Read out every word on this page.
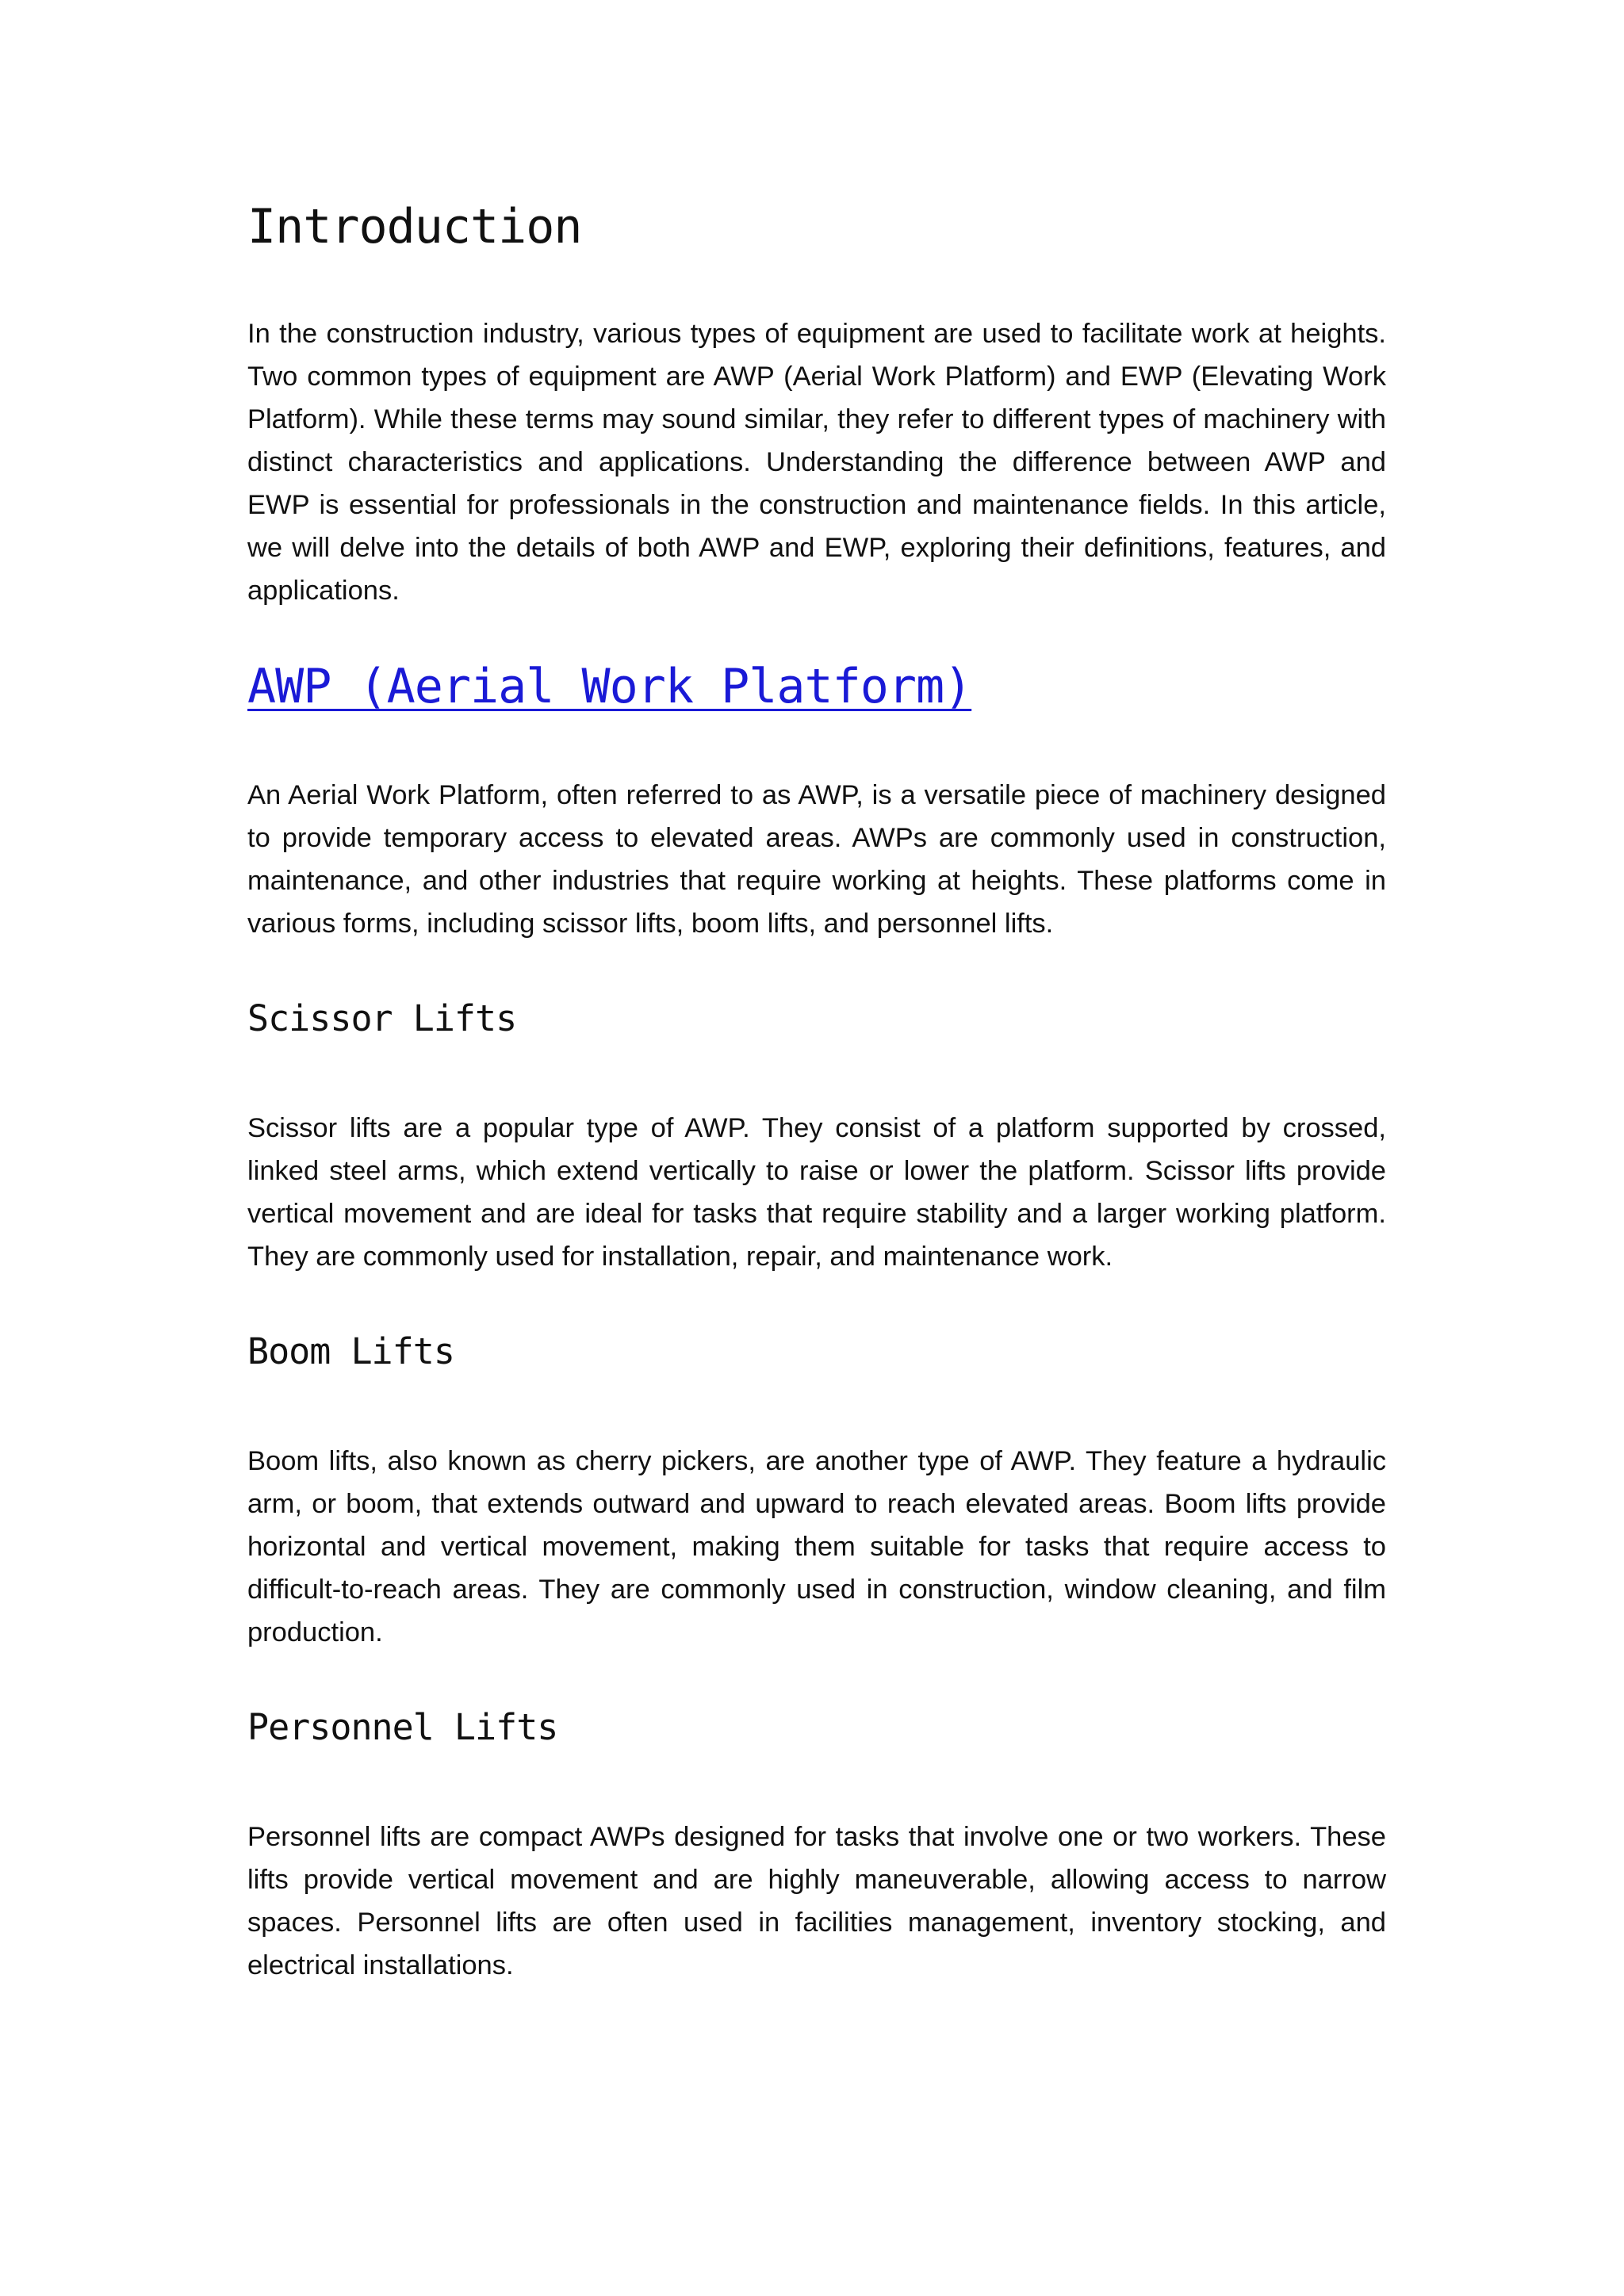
Introduction

In the construction industry, various types of equipment are used to facilitate work at heights. Two common types of equipment are AWP (Aerial Work Platform) and EWP (Elevating Work Platform). While these terms may sound similar, they refer to different types of machinery with distinct characteristics and applications. Understanding the difference between AWP and EWP is essential for professionals in the construction and maintenance fields. In this article, we will delve into the details of both AWP and EWP, exploring their definitions, features, and applications.

AWP (Aerial Work Platform)

An Aerial Work Platform, often referred to as AWP, is a versatile piece of machinery designed to provide temporary access to elevated areas. AWPs are commonly used in construction, maintenance, and other industries that require working at heights. These platforms come in various forms, including scissor lifts, boom lifts, and personnel lifts.

Scissor Lifts

Scissor lifts are a popular type of AWP. They consist of a platform supported by crossed, linked steel arms, which extend vertically to raise or lower the platform. Scissor lifts provide vertical movement and are ideal for tasks that require stability and a larger working platform. They are commonly used for installation, repair, and maintenance work.

Boom Lifts

Boom lifts, also known as cherry pickers, are another type of AWP. They feature a hydraulic arm, or boom, that extends outward and upward to reach elevated areas. Boom lifts provide horizontal and vertical movement, making them suitable for tasks that require access to difficult-to-reach areas. They are commonly used in construction, window cleaning, and film production.

Personnel Lifts

Personnel lifts are compact AWPs designed for tasks that involve one or two workers. These lifts provide vertical movement and are highly maneuverable, allowing access to narrow spaces. Personnel lifts are often used in facilities management, inventory stocking, and electrical installations.
